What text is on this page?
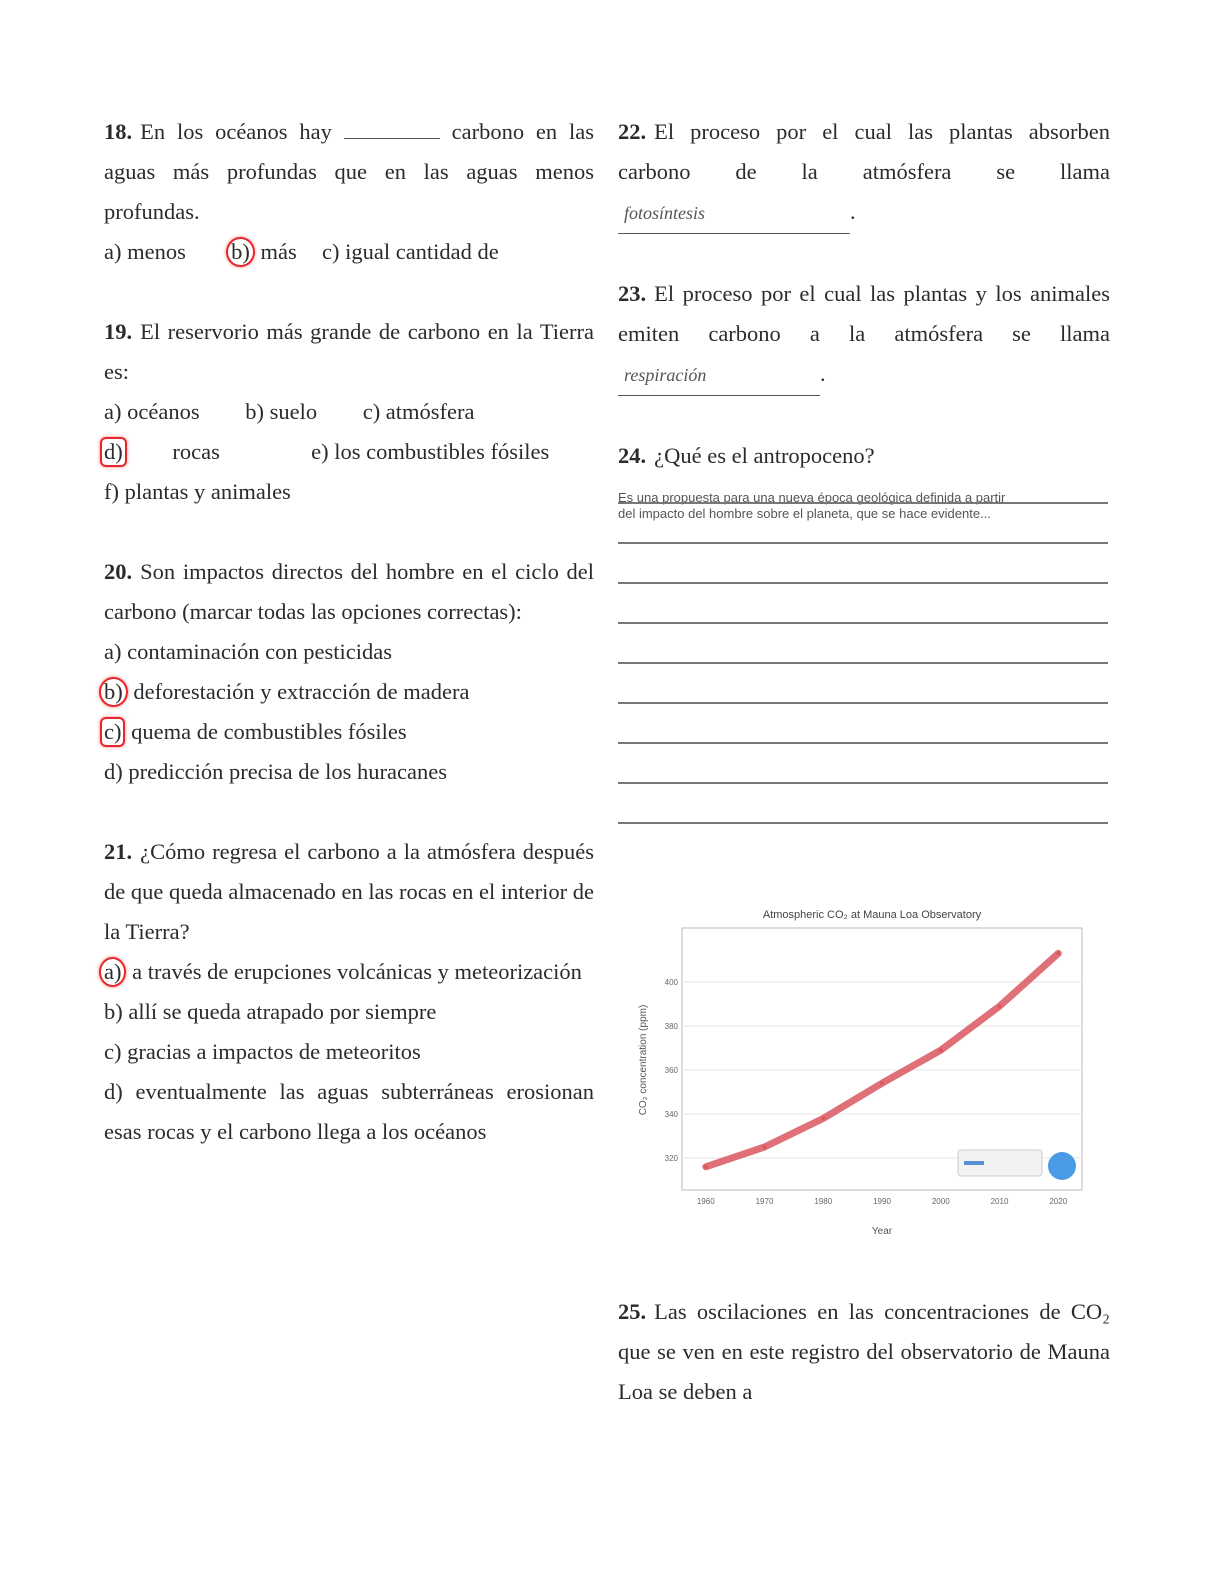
18. En los océanos hay	carbono en las aguas más profundas que en las aguas menos profundas.

a) menos b) más c) igual cantidad de

19. El reservorio más grande de carbono en la Tierra es:

a) océanos b) suelo c) atmósfera

d) rocas	e) los combustibles fósiles

f) plantas y animales

20. Son impactos directos del hombre en el ciclo del carbono (marcar todas las opciones correctas):

a) contaminación con pesticidas

b) deforestación y extracción de madera

c) quema de combustibles fósiles

d) predicción precisa de los huracanes

21. ¿Cómo regresa el carbono a la atmósfera después de que queda almacenado en las rocas en el interior de la Tierra?

a) a través de erupciones volcánicas y meteorización

b) allí se queda atrapado por siempre

c) gracias a impactos de meteoritos

d) eventualmente las aguas subterráneas erosionan esas rocas y el carbono llega a los océanos

22. El proceso por el cual las plantas absorben carbono de la atmósfera se llama fotosíntesis	.
23. El proceso por el cual las plantas y los animales emiten carbono a la atmósfera se llama respiración	.
24. ¿Qué es el antropoceno?
Es una propuesta para una nueva época geológica definida a partir del impacto del hombre sobre el planeta, que se hace evidente...
Atmospheric CO₂ at Mauna Loa Observatory
320
340
360
380
400
1960	1970	1980	1990	2000	2010	2020
CO₂ concentration (ppm)
Year
25. Las oscilaciones en las concentraciones de CO₂ que se ven en este registro del observatorio de Mauna Loa se deben a
